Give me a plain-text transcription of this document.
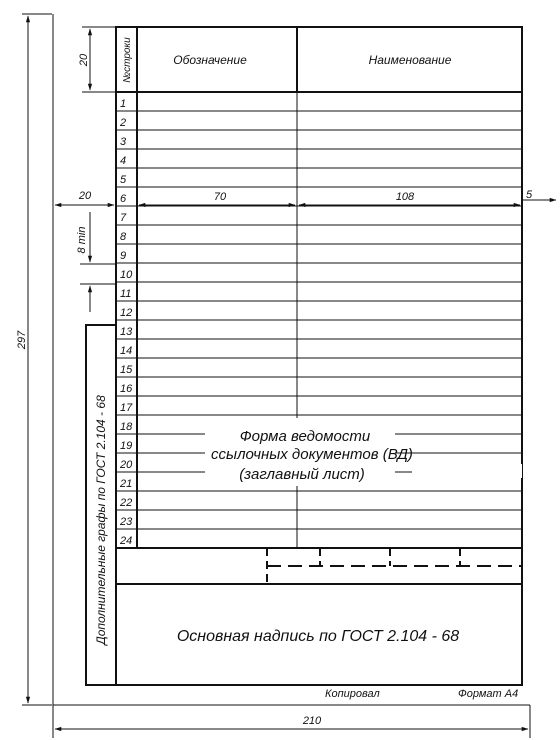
№строки	Обозначение	Наименование
1
2
3
4
5
6
7
8
9
10
11
12
13
14
15
16
17
18
19
20
21
22
23
24
Форма ведомости
ссылочных документов (ВД)
(заглавный лист)
Основная надпись по ГОСТ 2.104 - 68
Дополнительные графы по ГОСТ 2.104 - 68
Копировал	Формат А4
297
210
20
20	70	108	5
8 min
